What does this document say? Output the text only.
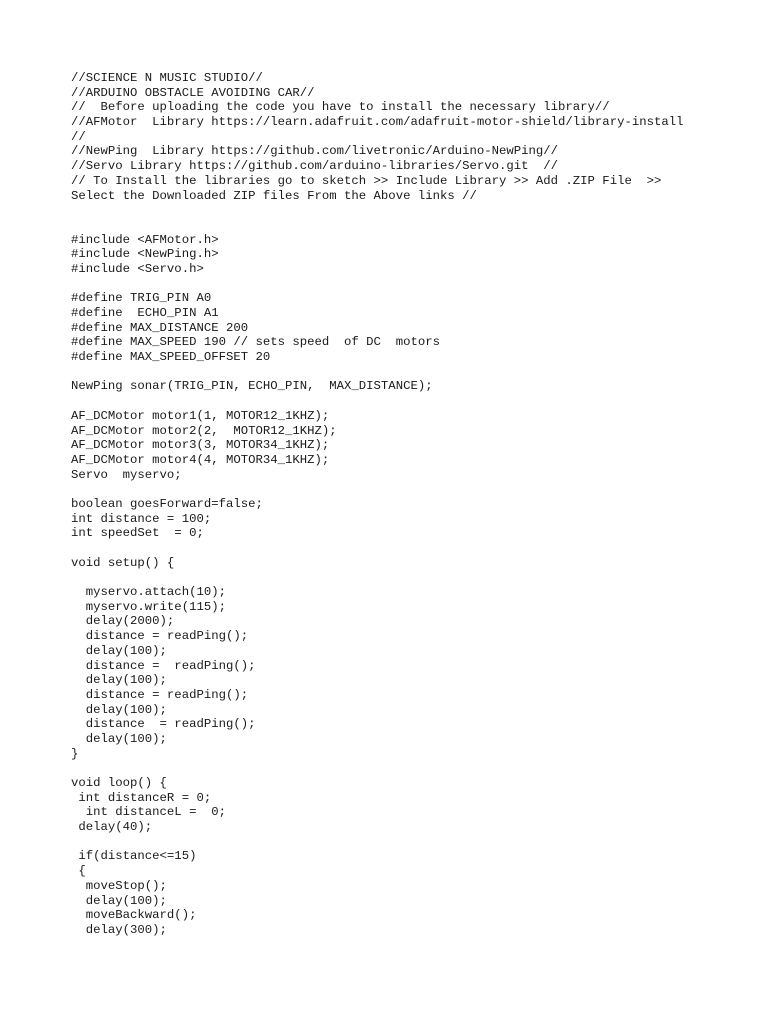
//SCIENCE N MUSIC STUDIO//
//ARDUINO OBSTACLE AVOIDING CAR//
//  Before uploading the code you have to install the necessary library//
//AFMotor  Library https://learn.adafruit.com/adafruit-motor-shield/library-install
//
//NewPing  Library https://github.com/livetronic/Arduino-NewPing//
//Servo Library https://github.com/arduino-libraries/Servo.git  //
// To Install the libraries go to sketch >> Include Library >> Add .ZIP File  >>
Select the Downloaded ZIP files From the Above links //
#include <AFMotor.h>
#include <NewPing.h>
#include <Servo.h>
#define TRIG_PIN A0
#define  ECHO_PIN A1
#define MAX_DISTANCE 200
#define MAX_SPEED 190 // sets speed  of DC  motors
#define MAX_SPEED_OFFSET 20
NewPing sonar(TRIG_PIN, ECHO_PIN,  MAX_DISTANCE);
AF_DCMotor motor1(1, MOTOR12_1KHZ);
AF_DCMotor motor2(2,  MOTOR12_1KHZ);
AF_DCMotor motor3(3, MOTOR34_1KHZ);
AF_DCMotor motor4(4, MOTOR34_1KHZ);
Servo  myservo;
boolean goesForward=false;
int distance = 100;
int speedSet  = 0;
void setup() {
myservo.attach(10);
myservo.write(115);
delay(2000);
distance = readPing();
delay(100);
distance =  readPing();
delay(100);
distance = readPing();
delay(100);
distance  = readPing();
delay(100);
}
void loop() {
int distanceR = 0;
int distanceL =  0;
delay(40);
if(distance<=15)
{
moveStop();
delay(100);
moveBackward();
delay(300);
